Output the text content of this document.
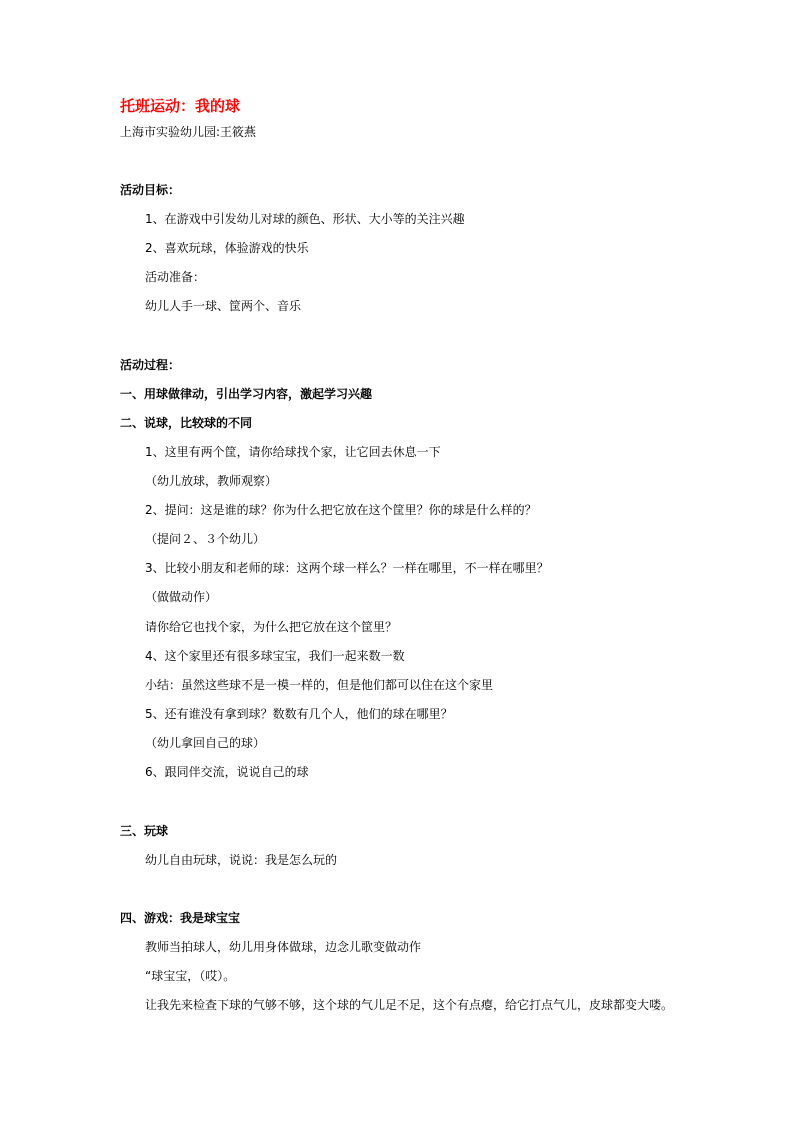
托班运动：我的球
上海市实验幼儿园:王筱燕
活动目标：
1、在游戏中引发幼儿对球的颜色、形状、大小等的关注兴趣
2、喜欢玩球，体验游戏的快乐
活动准备：
幼儿人手一球、筐两个、音乐
活动过程：
一、用球做律动，引出学习内容，激起学习兴趣
二、说球，比较球的不同
1、这里有两个筐，请你给球找个家，让它回去休息一下
（幼儿放球，教师观察）
2、提问：这是谁的球？你为什么把它放在这个筐里？你的球是什么样的？
（提问２、３个幼儿）
3、比较小朋友和老师的球：这两个球一样么？一样在哪里，不一样在哪里？
（做做动作）
请你给它也找个家，为什么把它放在这个筐里？
4、这个家里还有很多球宝宝，我们一起来数一数
小结：虽然这些球不是一模一样的，但是他们都可以住在这个家里
5、还有谁没有拿到球？数数有几个人，他们的球在哪里？
（幼儿拿回自己的球）
6、跟同伴交流，说说自己的球
三、玩球
幼儿自由玩球，说说：我是怎么玩的
四、游戏：我是球宝宝
教师当拍球人，幼儿用身体做球，边念儿歌变做动作
“球宝宝，（哎）。
让我先来检查下球的气够不够，这个球的气儿足不足，这个有点瘪，给它打点气儿，皮球都变大喽。
